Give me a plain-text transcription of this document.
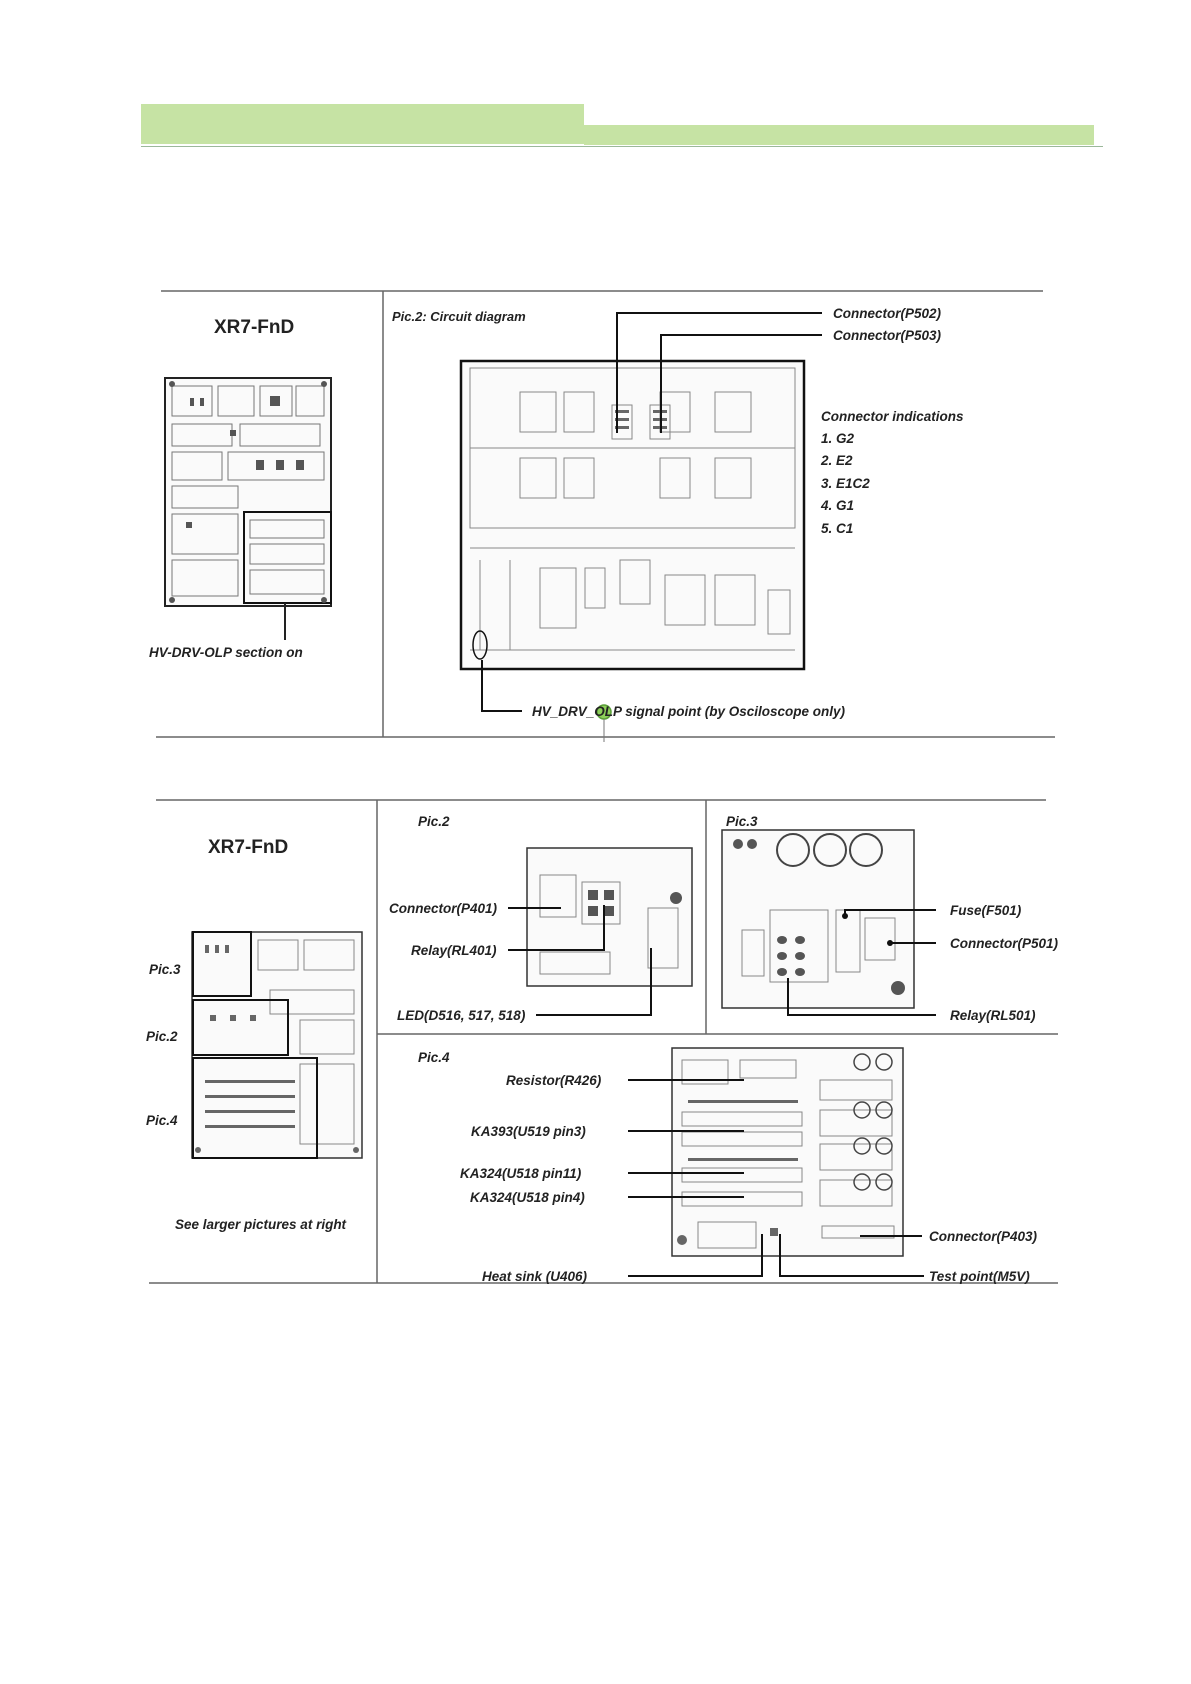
XR7-FnD
HV-DRV-OLP section on
Pic.2: Circuit diagram	Connector(P502)
Connector(P503)
Connector indications
1. G2
2. E2
3. E1C2
4. G1
5. C1
HV_DRV_OLP signal point (by Osciloscope only)
XR7-FnD
Pic.3
Pic.2
Pic.4
See larger pictures at right
Pic.2
Connector(P401)
Relay(RL401)
LED(D516, 517, 518)
Pic.3
Fuse(F501)
Connector(P501)
Relay(RL501)
Pic.4
Resistor(R426)
KA393(U519 pin3)
KA324(U518 pin11)
KA324(U518 pin4)
Connector(P403)
Heat sink (U406)	Test point(M5V)
